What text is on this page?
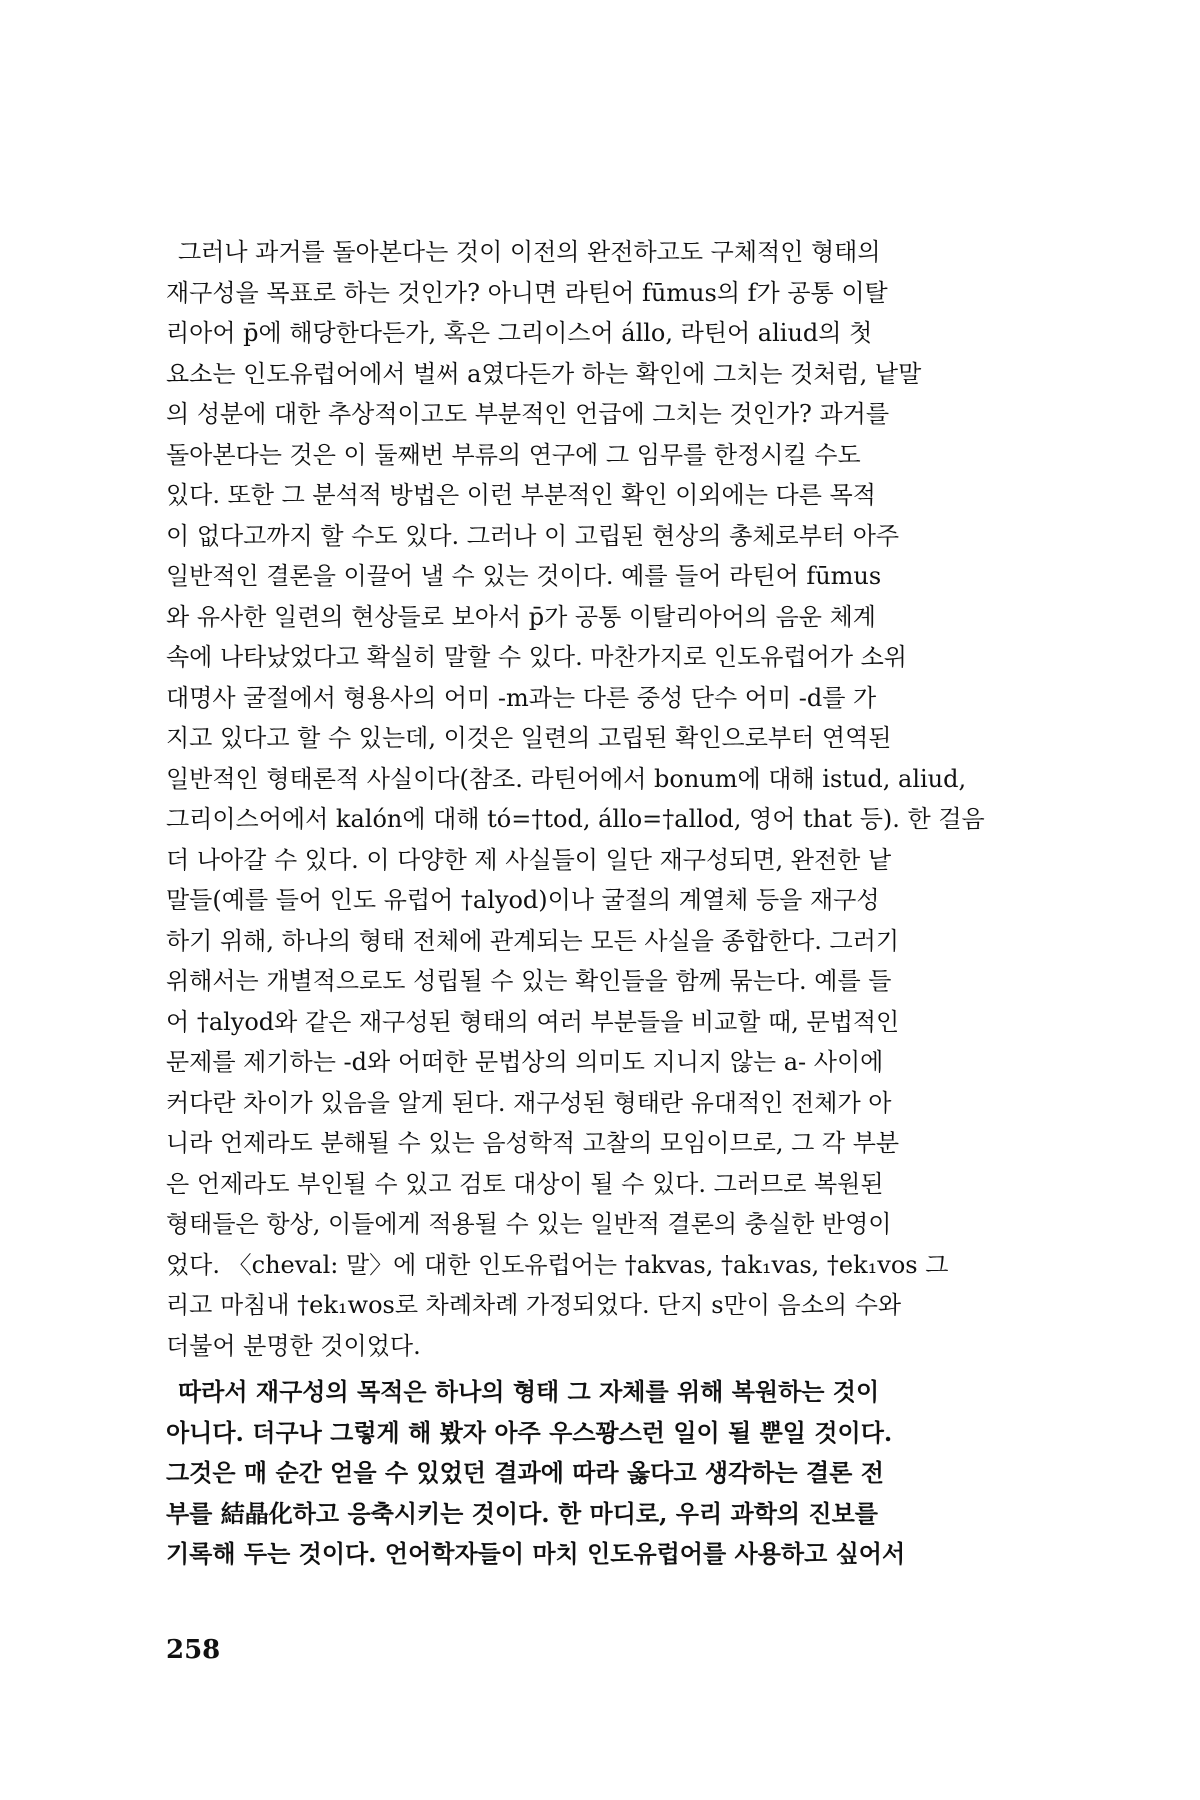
그러나 과거를 돌아본다는 것이 이전의 완전하고도 구체적인 형태의
재구성을 목표로 하는 것인가? 아니면 라틴어 fūmus의 f가 공통 이탈
리아어 p̄에 해당한다든가, 혹은 그리이스어 állo, 라틴어 aliud의 첫
요소는 인도유럽어에서 벌써 a였다든가 하는 확인에 그치는 것처럼, 낱말
의 성분에 대한 추상적이고도 부분적인 언급에 그치는 것인가? 과거를
돌아본다는 것은 이 둘째번 부류의 연구에 그 임무를 한정시킬 수도
있다. 또한 그 분석적 방법은 이런 부분적인 확인 이외에는 다른 목적
이 없다고까지 할 수도 있다. 그러나 이 고립된 현상의 총체로부터 아주
일반적인 결론을 이끌어 낼 수 있는 것이다. 예를 들어 라틴어 fūmus
와 유사한 일련의 현상들로 보아서 p̄가 공통 이탈리아어의 음운 체계
속에 나타났었다고 확실히 말할 수 있다. 마찬가지로 인도유럽어가 소위
대명사 굴절에서 형용사의 어미 -m과는 다른 중성 단수 어미 -d를 가
지고 있다고 할 수 있는데, 이것은 일련의 고립된 확인으로부터 연역된
일반적인 형태론적 사실이다(참조. 라틴어에서 bonum에 대해 istud, aliud,
그리이스어에서 kalón에 대해 tó=†tod, állo=†allod, 영어 that 등). 한 걸음
더 나아갈 수 있다. 이 다양한 제 사실들이 일단 재구성되면, 완전한 낱
말들(예를 들어 인도 유럽어 †alyod)이나 굴절의 계열체 등을 재구성
하기 위해, 하나의 형태 전체에 관계되는 모든 사실을 종합한다. 그러기
위해서는 개별적으로도 성립될 수 있는 확인들을 함께 묶는다. 예를 들
어 †alyod와 같은 재구성된 형태의 여러 부분들을 비교할 때, 문법적인
문제를 제기하는 -d와 어떠한 문법상의 의미도 지니지 않는 a- 사이에
커다란 차이가 있음을 알게 된다. 재구성된 형태란 유대적인 전체가 아
니라 언제라도 분해될 수 있는 음성학적 고찰의 모임이므로, 그 각 부분
은 언제라도 부인될 수 있고 검토 대상이 될 수 있다. 그러므로 복원된
형태들은 항상, 이들에게 적용될 수 있는 일반적 결론의 충실한 반영이
었다. 〈cheval: 말〉에 대한 인도유럽어는 †akvas, †ak₁vas, †ek₁vos 그
리고 마침내 †ek₁wos로 차례차례 가정되었다. 단지 s만이 음소의 수와
더불어 분명한 것이었다.

따라서 재구성의 목적은 하나의 형태 그 자체를 위해 복원하는 것이
아니다. 더구나 그렇게 해 봤자 아주 우스꽝스런 일이 될 뿐일 것이다.
그것은 매 순간 얻을 수 있었던 결과에 따라 옳다고 생각하는 결론 전
부를 結晶化하고 응축시키는 것이다. 한 마디로, 우리 과학의 진보를
기록해 두는 것이다. 언어학자들이 마치 인도유럽어를 사용하고 싶어서

258
